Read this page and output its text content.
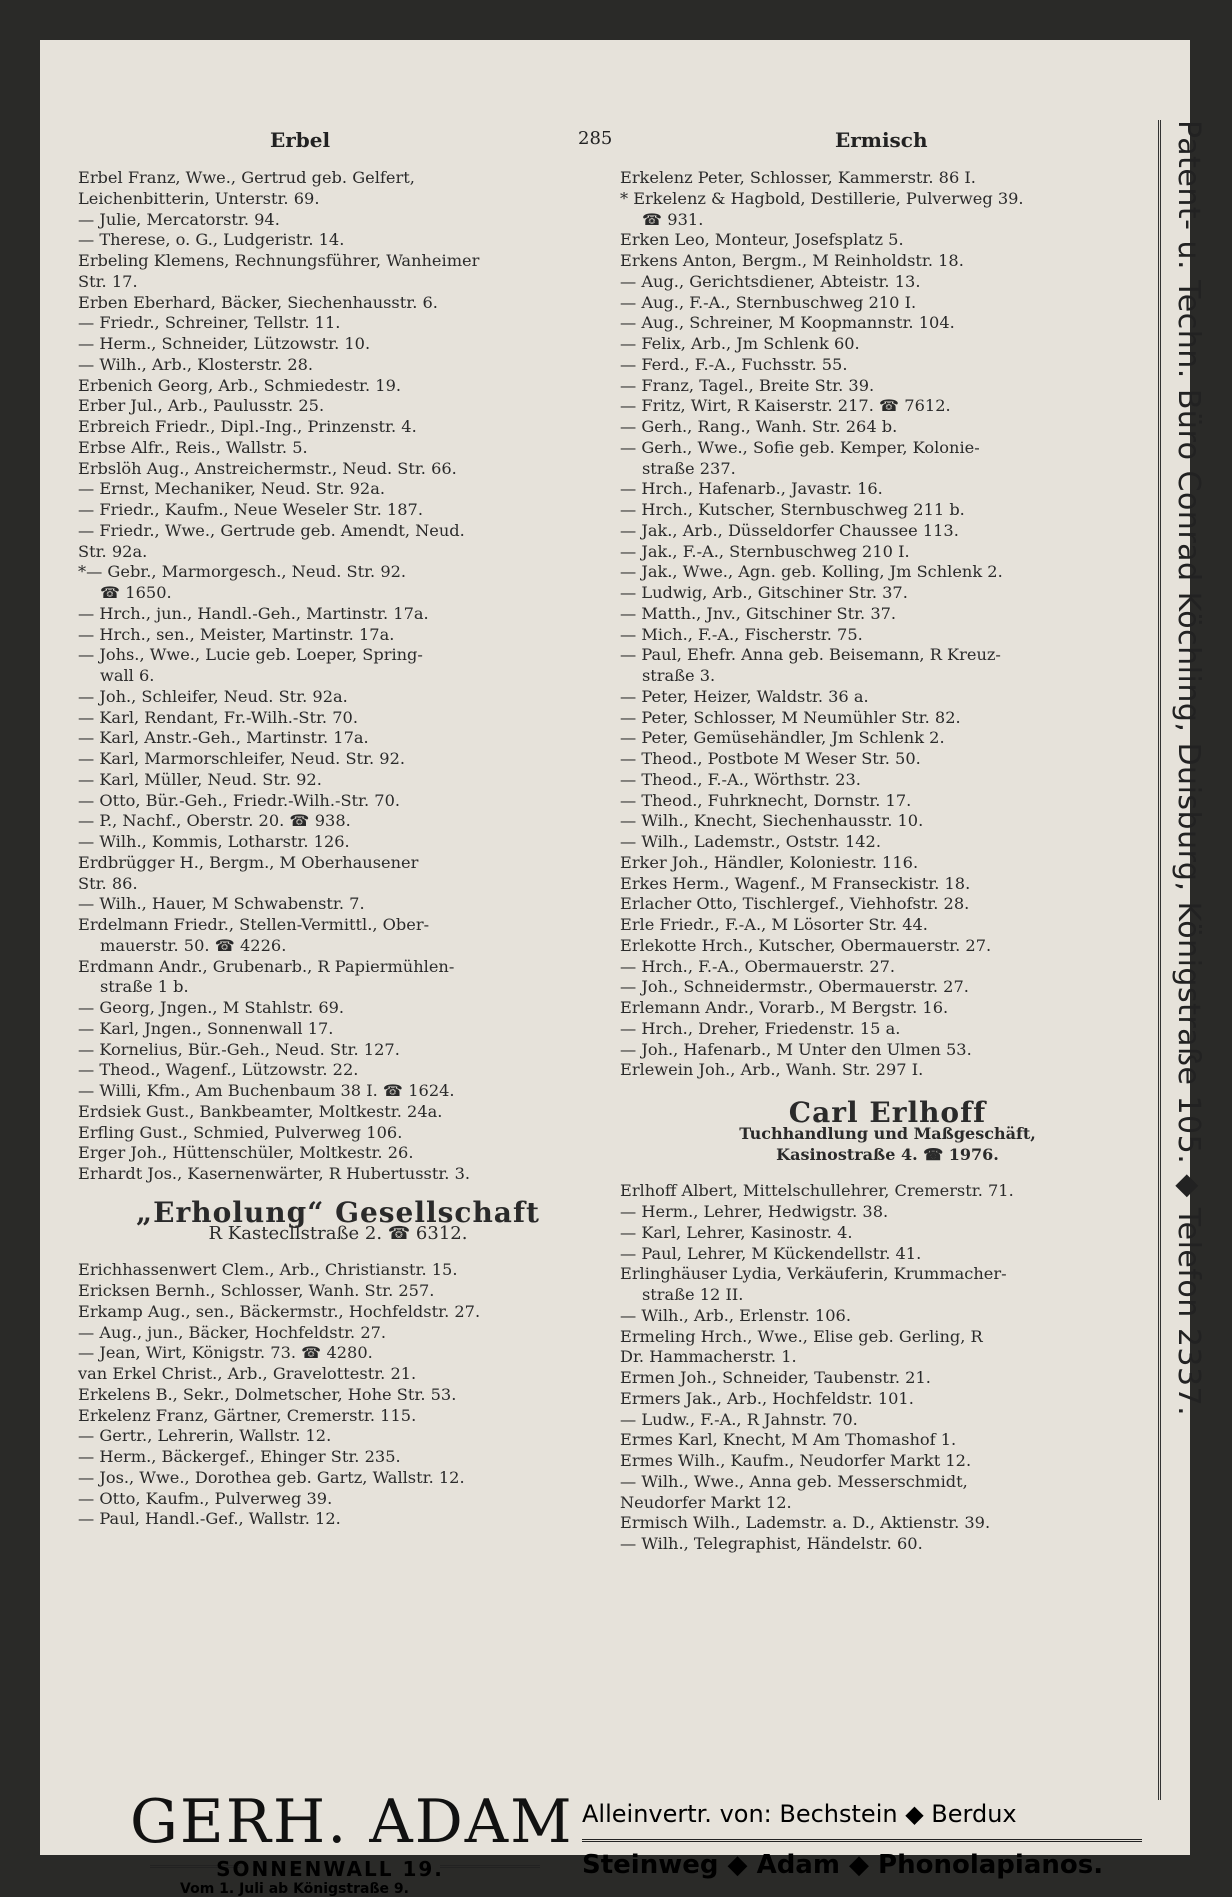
Erbel	285	Ermisch

Erbel Franz, Wwe., Gertrud geb. Gelfert,

Leichenbitterin, Unterstr. 69.

— Julie, Mercatorstr. 94.

— Therese, o. G., Ludgeristr. 14.

Erbeling Klemens, Rechnungsführer, Wanheimer

Str. 17.

Erben Eberhard, Bäcker, Siechenhausstr. 6.

— Friedr., Schreiner, Tellstr. 11.

— Herm., Schneider, Lützowstr. 10.

— Wilh., Arb., Klosterstr. 28.

Erbenich Georg, Arb., Schmiedestr. 19.

Erber Jul., Arb., Paulusstr. 25.

Erbreich Friedr., Dipl.-Ing., Prinzenstr. 4.

Erbse Alfr., Reis., Wallstr. 5.

Erbslöh Aug., Anstreichermstr., Neud. Str. 66.

— Ernst, Mechaniker, Neud. Str. 92a.

— Friedr., Kaufm., Neue Weseler Str. 187.

— Friedr., Wwe., Gertrude geb. Amendt, Neud.

Str. 92a.

*— Gebr., Marmorgesch., Neud. Str. 92.

☎ 1650.

— Hrch., jun., Handl.-Geh., Martinstr. 17a.

— Hrch., sen., Meister, Martinstr. 17a.

— Johs., Wwe., Lucie geb. Loeper, Spring-

wall 6.

— Joh., Schleifer, Neud. Str. 92a.

— Karl, Rendant, Fr.-Wilh.-Str. 70.

— Karl, Anstr.-Geh., Martinstr. 17a.

— Karl, Marmorschleifer, Neud. Str. 92.

— Karl, Müller, Neud. Str. 92.

— Otto, Bür.-Geh., Friedr.-Wilh.-Str. 70.

— P., Nachf., Oberstr. 20. ☎ 938.

— Wilh., Kommis, Lotharstr. 126.

Erdbrügger H., Bergm., M Oberhausener

Str. 86.

— Wilh., Hauer, M Schwabenstr. 7.

Erdelmann Friedr., Stellen-Vermittl., Ober-

mauerstr. 50. ☎ 4226.

Erdmann Andr., Grubenarb., R Papiermühlen-

straße 1 b.

— Georg, Jngen., M Stahlstr. 69.

— Karl, Jngen., Sonnenwall 17.

— Kornelius, Bür.-Geh., Neud. Str. 127.

— Theod., Wagenf., Lützowstr. 22.

— Willi, Kfm., Am Buchenbaum 38 I. ☎ 1624.

Erdsiek Gust., Bankbeamter, Moltkestr. 24a.

Erfling Gust., Schmied, Pulverweg 106.

Erger Joh., Hüttenschüler, Moltkestr. 26.

Erhardt Jos., Kasernenwärter, R Hubertusstr. 3.

„Erholung“ Gesellschaft
R Kastecllstraße 2. ☎ 6312.

Erichhassenwert Clem., Arb., Christianstr. 15.

Ericksen Bernh., Schlosser, Wanh. Str. 257.

Erkamp Aug., sen., Bäckermstr., Hochfeldstr. 27.

— Aug., jun., Bäcker, Hochfeldstr. 27.

— Jean, Wirt, Königstr. 73. ☎ 4280.

van Erkel Christ., Arb., Gravelottestr. 21.

Erkelens B., Sekr., Dolmetscher, Hohe Str. 53.

Erkelenz Franz, Gärtner, Cremerstr. 115.

— Gertr., Lehrerin, Wallstr. 12.

— Herm., Bäckergef., Ehinger Str. 235.

— Jos., Wwe., Dorothea geb. Gartz, Wallstr. 12.

— Otto, Kaufm., Pulverweg 39.

— Paul, Handl.-Gef., Wallstr. 12.

Erkelenz Peter, Schlosser, Kammerstr. 86 I.

* Erkelenz & Hagbold, Destillerie, Pulverweg 39.

☎ 931.

Erken Leo, Monteur, Josefsplatz 5.

Erkens Anton, Bergm., M Reinholdstr. 18.

— Aug., Gerichtsdiener, Abteistr. 13.

— Aug., F.-A., Sternbuschweg 210 I.

— Aug., Schreiner, M Koopmannstr. 104.

— Felix, Arb., Jm Schlenk 60.

— Ferd., F.-A., Fuchsstr. 55.

— Franz, Tagel., Breite Str. 39.

— Fritz, Wirt, R Kaiserstr. 217. ☎ 7612.

— Gerh., Rang., Wanh. Str. 264 b.

— Gerh., Wwe., Sofie geb. Kemper, Kolonie-

straße 237.

— Hrch., Hafenarb., Javastr. 16.

— Hrch., Kutscher, Sternbuschweg 211 b.

— Jak., Arb., Düsseldorfer Chaussee 113.

— Jak., F.-A., Sternbuschweg 210 I.

— Jak., Wwe., Agn. geb. Kolling, Jm Schlenk 2.

— Ludwig, Arb., Gitschiner Str. 37.

— Matth., Jnv., Gitschiner Str. 37.

— Mich., F.-A., Fischerstr. 75.

— Paul, Ehefr. Anna geb. Beisemann, R Kreuz-

straße 3.

— Peter, Heizer, Waldstr. 36 a.

— Peter, Schlosser, M Neumühler Str. 82.

— Peter, Gemüsehändler, Jm Schlenk 2.

— Theod., Postbote M Weser Str. 50.

— Theod., F.-A., Wörthstr. 23.

— Theod., Fuhrknecht, Dornstr. 17.

— Wilh., Knecht, Siechenhausstr. 10.

— Wilh., Lademstr., Oststr. 142.

Erker Joh., Händler, Koloniestr. 116.

Erkes Herm., Wagenf., M Franseckistr. 18.

Erlacher Otto, Tischlergef., Viehhofstr. 28.

Erle Friedr., F.-A., M Lösorter Str. 44.

Erlekotte Hrch., Kutscher, Obermauerstr. 27.

— Hrch., F.-A., Obermauerstr. 27.

— Joh., Schneidermstr., Obermauerstr. 27.

Erlemann Andr., Vorarb., M Bergstr. 16.

— Hrch., Dreher, Friedenstr. 15 a.

— Joh., Hafenarb., M Unter den Ulmen 53.

Erlewein Joh., Arb., Wanh. Str. 297 I.

Carl Erlhoff
Tuchhandlung und Maßgeschäft,
Kasinostraße 4. ☎ 1976.

Erlhoff Albert, Mittelschullehrer, Cremerstr. 71.

— Herm., Lehrer, Hedwigstr. 38.

— Karl, Lehrer, Kasinostr. 4.

— Paul, Lehrer, M Kückendellstr. 41.

Erlinghäuser Lydia, Verkäuferin, Krummacher-

straße 12 II.

— Wilh., Arb., Erlenstr. 106.

Ermeling Hrch., Wwe., Elise geb. Gerling, R

Dr. Hammacherstr. 1.

Ermen Joh., Schneider, Taubenstr. 21.

Ermers Jak., Arb., Hochfeldstr. 101.

— Ludw., F.-A., R Jahnstr. 70.

Ermes Karl, Knecht, M Am Thomashof 1.

Ermes Wilh., Kaufm., Neudorfer Markt 12.

— Wilh., Wwe., Anna geb. Messerschmidt,

Neudorfer Markt 12.

Ermisch Wilh., Lademstr. a. D., Aktienstr. 39.

— Wilh., Telegraphist, Händelstr. 60.

Patent- u. Techn. Büro Conrad Köchling, Duisburg, Königstraße 105. ◆ Telefon 2337.
GERH. ADAM
SONNENWALL 19.
Vom 1. Juli ab Königstraße 9.
Alleinvertr. von: Bechstein ◆ Berdux
Steinweg ◆ Adam ◆ Phonolapianos.
